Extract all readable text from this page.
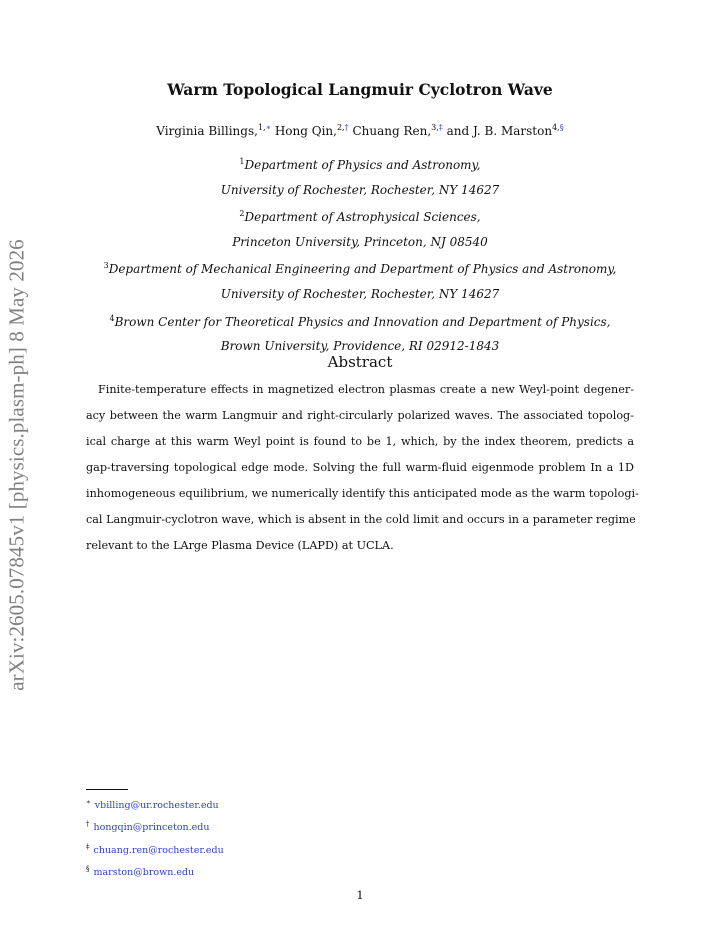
arXiv:2605.07845v1 [physics.plasm-ph] 8 May 2026
Warm Topological Langmuir Cyclotron Wave
Virginia Billings,$^{1,∗}$ Hong Qin,$^{2,\dagger}$ Chuang Ren,$^{3,\ddagger}$ and J. B. Marston$^{4,\S}$
$^1$Department of Physics and Astronomy,
University of Rochester, Rochester, NY 14627
$^2$Department of Astrophysical Sciences,
Princeton University, Princeton, NJ 08540
$^3$Department of Mechanical Engineering and Department of Physics and Astronomy,
University of Rochester, Rochester, NY 14627
$^4$Brown Center for Theoretical Physics and Innovation and Department of Physics,
Brown University, Providence, RI 02912-1843
Abstract
Finite-temperature effects in magnetized electron plasmas create a new Weyl-point degener-
acy between the warm Langmuir and right-circularly polarized waves. The associated topolog-
ical charge at this warm Weyl point is found to be 1, which, by the index theorem, predicts a
gap-traversing topological edge mode. Solving the full warm-fluid eigenmode problem In a 1D
inhomogeneous equilibrium, we numerically identify this anticipated mode as the warm topologi-
cal Langmuir-cyclotron wave, which is absent in the cold limit and occurs in a parameter regime
relevant to the LArge Plasma Device (LAPD) at UCLA.
∗ vbilling@ur.rochester.edu
† hongqin@princeton.edu
‡ chuang.ren@rochester.edu
§ marston@brown.edu
1
